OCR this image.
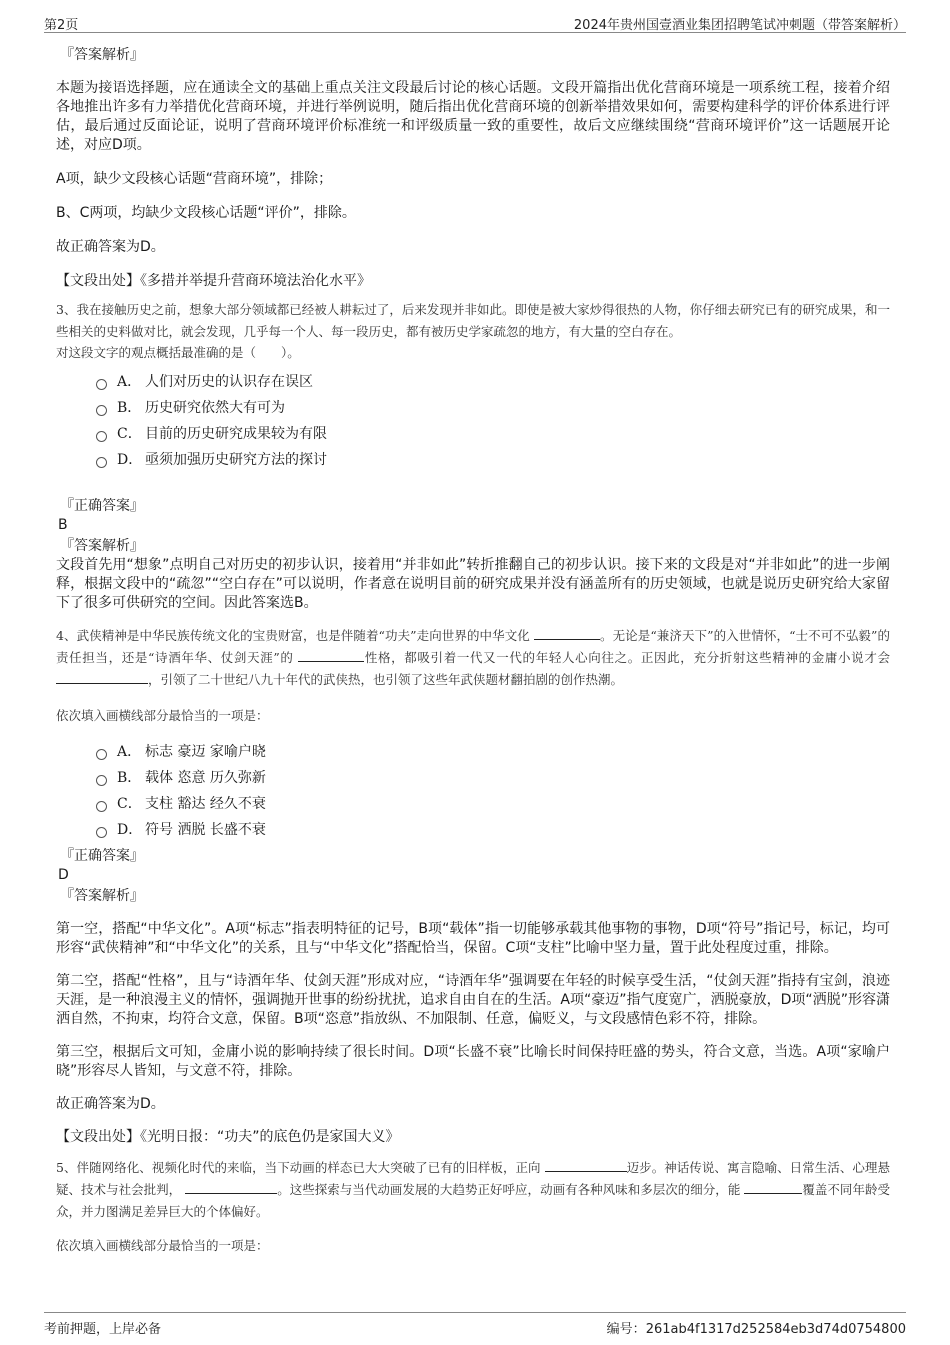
第2页	2024年贵州国壹酒业集团招聘笔试冲刺题（带答案解析）

『答案解析』

本题为接语选择题，应在通读全文的基础上重点关注文段最后讨论的核心话题。文段开篇指出优化营商环境是一项系统工程，接着介绍各地推出许多有力举措优化营商环境，并进行举例说明，随后指出优化营商环境的创新举措效果如何，需要构建科学的评价体系进行评估，最后通过反面论证，说明了营商环境评价标准统一和评级质量一致的重要性，故后文应继续围绕“营商环境评价”这一话题展开论述，对应D项。

A项，缺少文段核心话题“营商环境”，排除；

B、C两项，均缺少文段核心话题“评价”，排除。

故正确答案为D。

【文段出处】《多措并举提升营商环境法治化水平》

3、我在接触历史之前，想象大部分领域都已经被人耕耘过了，后来发现并非如此。即使是被大家炒得很热的人物，你仔细去研究已有的研究成果，和一些相关的史料做对比，就会发现，几乎每一个人、每一段历史，都有被历史学家疏忽的地方，有大量的空白存在。

对这段文字的观点概括最准确的是（　　）。

A． 人们对历史的认识存在误区
B． 历史研究依然大有可为
C． 目前的历史研究成果较为有限
D． 亟须加强历史研究方法的探讨

『正确答案』

B

『答案解析』

文段首先用“想象”点明自己对历史的初步认识，接着用“并非如此”转折推翻自己的初步认识。接下来的文段是对“并非如此”的进一步阐释，根据文段中的“疏忽”“空白存在”可以说明，作者意在说明目前的研究成果并没有涵盖所有的历史领域，也就是说历史研究给大家留下了很多可供研究的空间。因此答案选B。

4、武侠精神是中华民族传统文化的宝贵财富，也是伴随着“功夫”走向世界的中华文化	。无论是“兼济天下”的入世情怀，“士不可不弘毅”的责任担当，还是“诗酒年华、仗剑天涯”的	性格，都吸引着一代又一代的年轻人心向往之。正因此，充分折射这些精神的金庸小说才会 ，引领了二十世纪八九十年代的武侠热，也引领了这些年武侠题材翻拍剧的创作热潮。

依次填入画横线部分最恰当的一项是：

A． 标志 豪迈 家喻户晓
B． 载体 恣意 历久弥新
C． 支柱 豁达 经久不衰
D． 符号 洒脱 长盛不衰

『正确答案』

D

『答案解析』

第一空，搭配“中华文化”。A项“标志”指表明特征的记号，B项“载体”指一切能够承载其他事物的事物，D项“符号”指记号，标记，均可形容“武侠精神”和“中华文化”的关系，且与“中华文化”搭配恰当，保留。C项“支柱”比喻中坚力量，置于此处程度过重，排除。

第二空，搭配“性格”，且与“诗酒年华、仗剑天涯”形成对应，“诗酒年华”强调要在年轻的时候享受生活，“仗剑天涯”指持有宝剑，浪迹天涯，是一种浪漫主义的情怀，强调抛开世事的纷纷扰扰，追求自由自在的生活。A项“豪迈”指气度宽广，洒脱豪放，D项“洒脱”形容潇洒自然，不拘束，均符合文意，保留。B项“恣意”指放纵、不加限制、任意，偏贬义，与文段感情色彩不符，排除。

第三空，根据后文可知，金庸小说的影响持续了很长时间。D项“长盛不衰”比喻长时间保持旺盛的势头，符合文意，当选。A项“家喻户晓”形容尽人皆知，与文意不符，排除。

故正确答案为D。

【文段出处】《光明日报：“功夫”的底色仍是家国大义》

5、伴随网络化、视频化时代的来临，当下动画的样态已大大突破了已有的旧样板，正向	迈步。神话传说、寓言隐喻、日常生活、心理悬疑、技术与社会批判，	。这些探索与当代动画发展的大趋势正好呼应，动画有各种风味和多层次的细分，能	覆盖不同年龄受众，并力图满足差异巨大的个体偏好。

依次填入画横线部分最恰当的一项是：

考前押题，上岸必备	编号：261ab4f1317d252584eb3d74d0754800
